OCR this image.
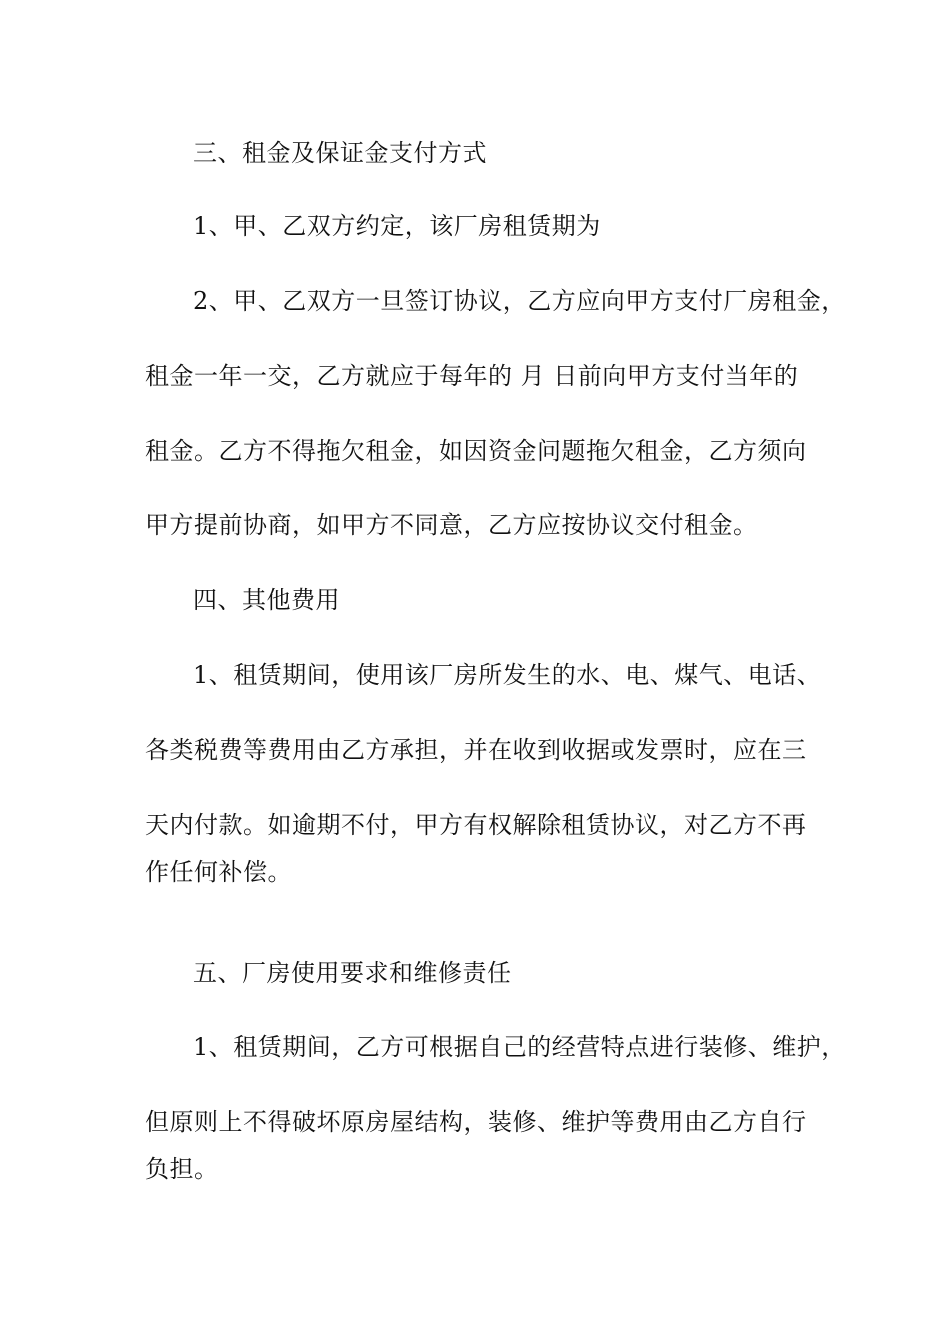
三、租金及保证金支付方式
1、甲、乙双方约定，该厂房租赁期为
2、甲、乙双方一旦签订协议，乙方应向甲方支付厂房租金，
租金一年一交，乙方就应于每年的 月 日前向甲方支付当年的
租金。乙方不得拖欠租金，如因资金问题拖欠租金，乙方须向
甲方提前协商，如甲方不同意，乙方应按协议交付租金。
四、其他费用
1、租赁期间，使用该厂房所发生的水、电、煤气、电话、
各类税费等费用由乙方承担，并在收到收据或发票时，应在三
天内付款。如逾期不付，甲方有权解除租赁协议，对乙方不再
作任何补偿。
五、厂房使用要求和维修责任
1、租赁期间，乙方可根据自己的经营特点进行装修、维护，
但原则上不得破坏原房屋结构，装修、维护等费用由乙方自行
负担。
